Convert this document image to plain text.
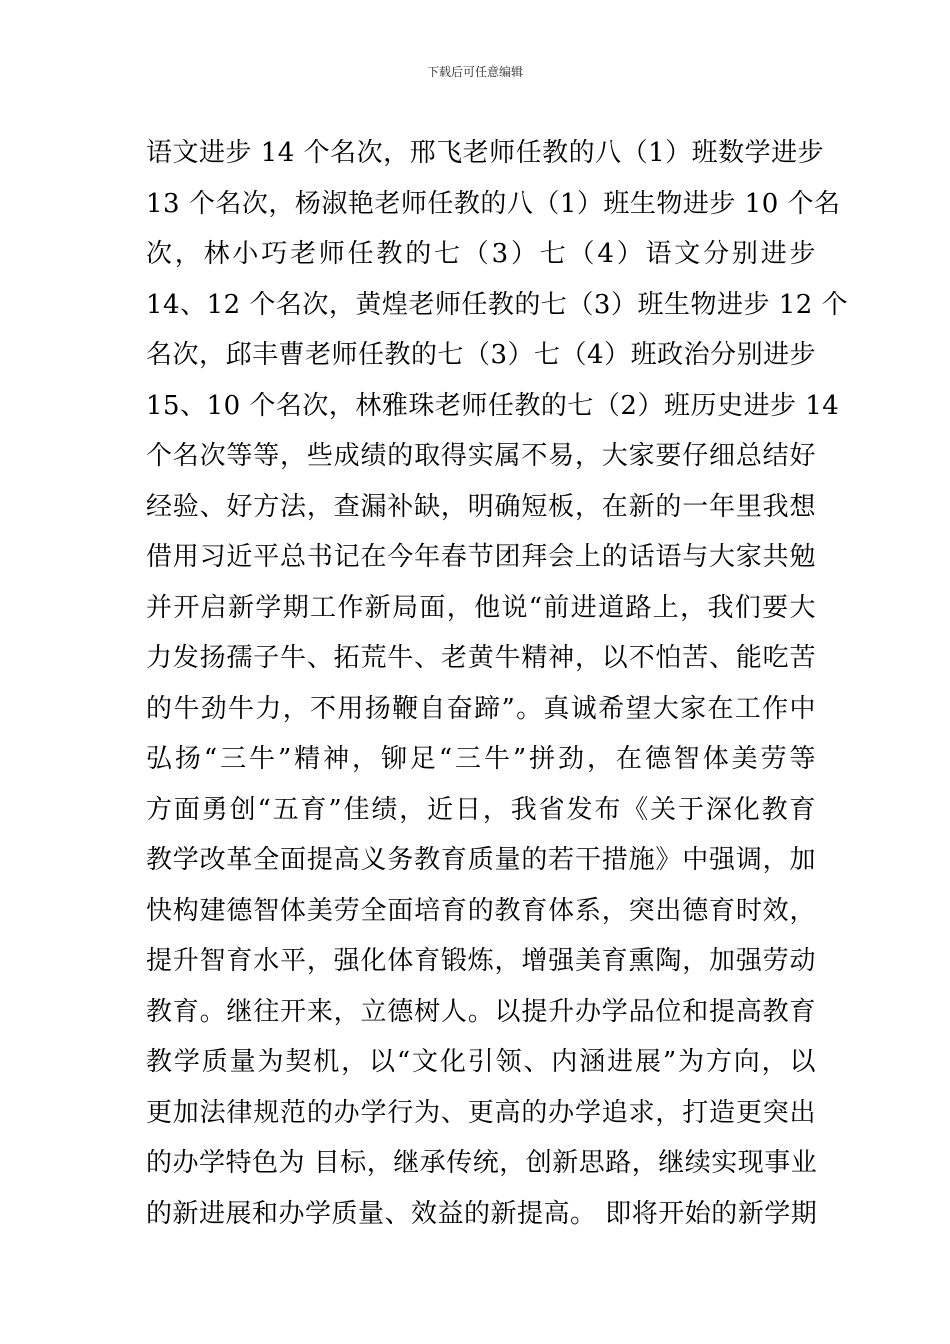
下载后可任意编辑
语文进步 14 个名次，邢飞老师任教的八（1）班数学进步
13 个名次，杨淑艳老师任教的八（1）班生物进步 10 个名
次，林小巧老师任教的七（3）七（4）语文分别进步
14、12 个名次，黄煌老师任教的七（3）班生物进步 12 个
名次，邱丰曹老师任教的七（3）七（4）班政治分别进步
15、10 个名次，林雅珠老师任教的七（2）班历史进步 14
个名次等等，些成绩的取得实属不易，大家要仔细总结好
经验、好方法，查漏补缺，明确短板，在新的一年里我想
借用习近平总书记在今年春节团拜会上的话语与大家共勉
并开启新学期工作新局面，他说“前进道路上，我们要大
力发扬孺子牛、拓荒牛、老黄牛精神，以不怕苦、能吃苦
的牛劲牛力，不用扬鞭自奋蹄”。真诚希望大家在工作中
弘扬“三牛”精神，铆足“三牛”拼劲，在德智体美劳等
方面勇创“五育”佳绩，近日，我省发布《关于深化教育
教学改革全面提高义务教育质量的若干措施》中强调，加
快构建德智体美劳全面培育的教育体系，突出德育时效，
提升智育水平，强化体育锻炼，增强美育熏陶，加强劳动
教育。继往开来，立德树人。以提升办学品位和提高教育
教学质量为契机，以“文化引领、内涵进展”为方向，以
更加法律规范的办学行为、更高的办学追求，打造更突出
的办学特色为 目标，继承传统，创新思路，继续实现事业
的新进展和办学质量、效益的新提高。 即将开始的新学期
